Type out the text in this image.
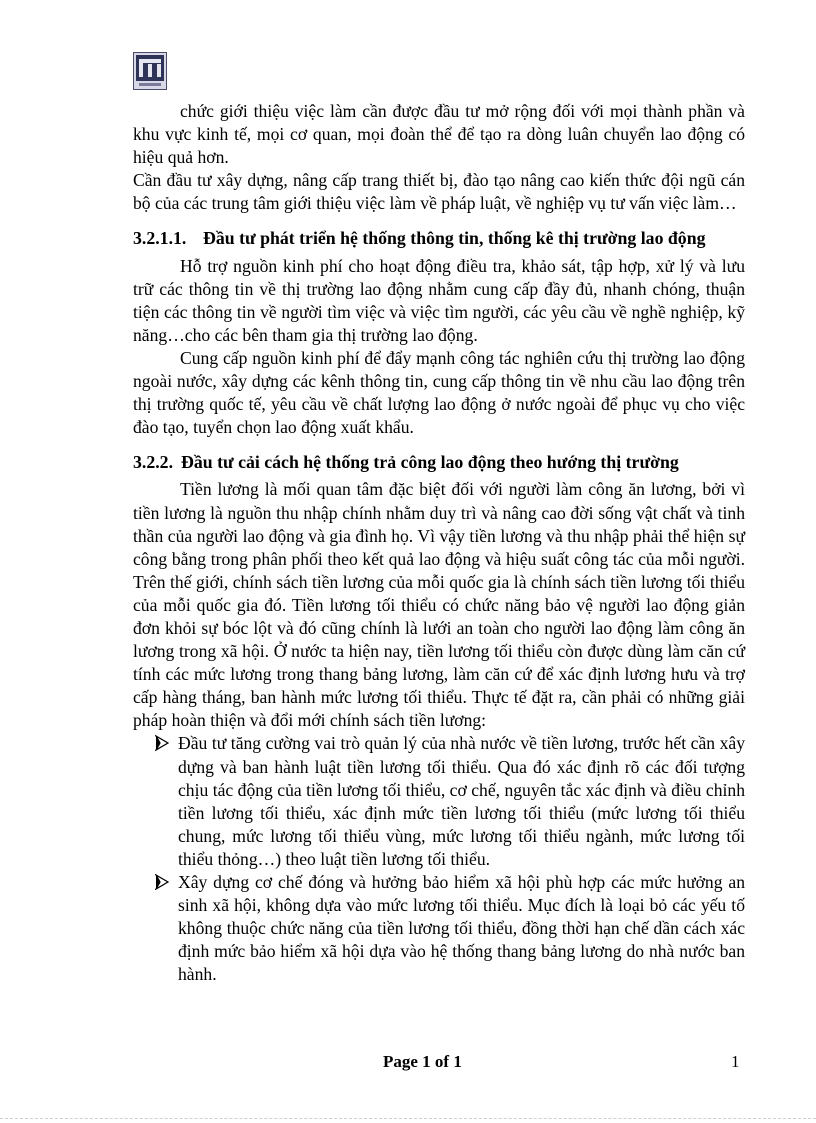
chức giới thiệu việc làm cần được đầu tư mở rộng đối với mọi thành phần và khu vực kinh tế, mọi cơ quan, mọi đoàn thể để tạo ra dòng luân chuyển lao động có hiệu quả hơn.

Cần đầu tư xây dựng, nâng cấp trang thiết bị, đào tạo nâng cao kiến thức đội ngũ cán bộ của các trung tâm giới thiệu việc làm về pháp luật, về nghiệp vụ tư vấn việc làm…

3.2.1.1. Đầu tư phát triển hệ thống thông tin, thống kê thị trường lao động

Hỗ trợ nguồn kinh phí cho hoạt động điều tra, khảo sát, tập hợp, xử lý và lưu trữ các thông tin về thị trường lao động nhằm cung cấp đầy đủ, nhanh chóng, thuận tiện các thông tin về người tìm việc và việc tìm người, các yêu cầu về nghề nghiệp, kỹ năng…cho các bên tham gia thị trường lao động.

Cung cấp nguồn kinh phí để đẩy mạnh công tác nghiên cứu thị trường lao động ngoài nước, xây dựng các kênh thông tin, cung cấp thông tin về nhu cầu lao động trên thị trường quốc tế, yêu cầu về chất lượng lao động ở nước ngoài để phục vụ cho việc đào tạo, tuyển chọn lao động xuất khẩu.

3.2.2. Đầu tư cải cách hệ thống trả công lao động theo hướng thị trường

Tiền lương là mối quan tâm đặc biệt đối với người làm công ăn lương, bởi vì tiền lương là nguồn thu nhập chính nhằm duy trì và nâng cao đời sống vật chất và tinh thần của người lao động và gia đình họ. Vì vậy tiền lương và thu nhập phải thể hiện sự công bằng trong phân phối theo kết quả lao động và hiệu suất công tác của mỗi người. Trên thế giới, chính sách tiền lương của mỗi quốc gia là chính sách tiền lương tối thiểu của mỗi quốc gia đó. Tiền lương tối thiểu có chức năng bảo vệ người lao động giản đơn khỏi sự bóc lột và đó cũng chính là lưới an toàn cho người lao động làm công ăn lương trong xã hội. Ở nước ta hiện nay, tiền lương tối thiểu còn được dùng làm căn cứ tính các mức lương trong thang bảng lương, làm căn cứ để xác định lương hưu và trợ cấp hàng tháng, ban hành mức lương tối thiểu. Thực tế đặt ra, cần phải có những giải pháp hoàn thiện và đổi mới chính sách tiền lương:

Đầu tư tăng cường vai trò quản lý của nhà nước về tiền lương, trước hết cần xây dựng và ban hành luật tiền lương tối thiểu. Qua đó xác định rõ các đối tượng chịu tác động của tiền lương tối thiểu, cơ chế, nguyên tắc xác định và điều chỉnh tiền lương tối thiểu, xác định mức tiền lương tối thiểu (mức lương tối thiểu chung, mức lương tối thiểu vùng, mức lương tối thiểu ngành, mức lương tối thiểu thỏng…) theo luật tiền lương tối thiểu.
Xây dựng cơ chế đóng và hưởng bảo hiểm xã hội phù hợp các mức hưởng an sinh xã hội, không dựa vào mức lương tối thiểu. Mục đích là loại bỏ các yếu tố không thuộc chức năng của tiền lương tối thiểu, đồng thời hạn chế dần cách xác định mức bảo hiểm xã hội dựa vào hệ thống thang bảng lương do nhà nước ban hành.
Page 1 of 1	1
